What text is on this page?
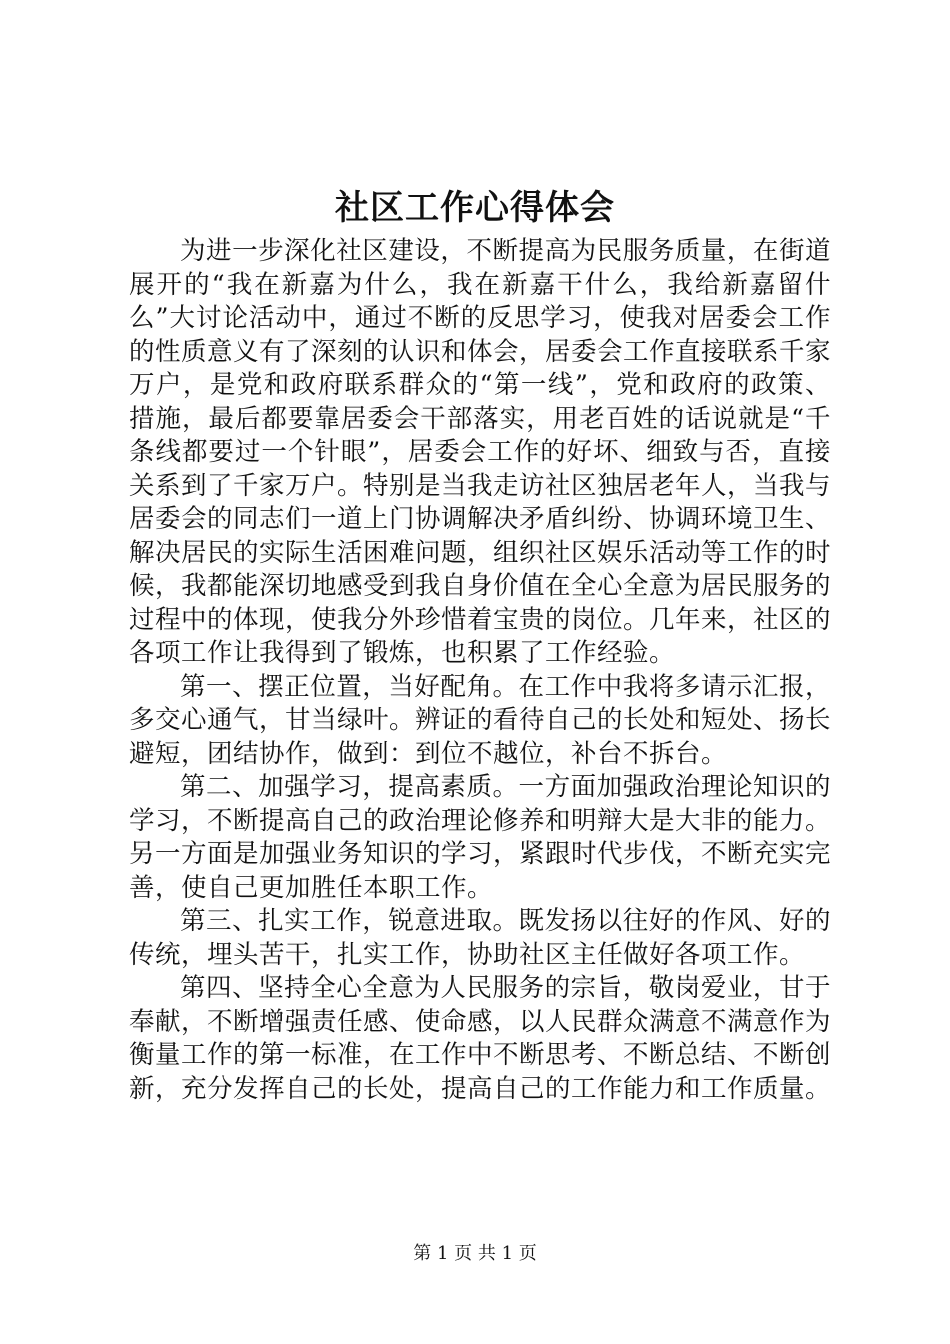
社区工作心得体会

为进一步深化社区建设，不断提高为民服务质量，在街道展开的“我在新嘉为什么，我在新嘉干什么，我给新嘉留什么”大讨论活动中，通过不断的反思学习，使我对居委会工作的性质意义有了深刻的认识和体会，居委会工作直接联系千家万户，是党和政府联系群众的“第一线”，党和政府的政策、措施，最后都要靠居委会干部落实，用老百姓的话说就是“千条线都要过一个针眼”，居委会工作的好坏、细致与否，直接关系到了千家万户。特别是当我走访社区独居老年人，当我与居委会的同志们一道上门协调解决矛盾纠纷、协调环境卫生、解决居民的实际生活困难问题，组织社区娱乐活动等工作的时候，我都能深切地感受到我自身价值在全心全意为居民服务的过程中的体现，使我分外珍惜着宝贵的岗位。几年来，社区的各项工作让我得到了锻炼，也积累了工作经验。

第一、摆正位置，当好配角。在工作中我将多请示汇报，多交心通气，甘当绿叶。辨证的看待自己的长处和短处、扬长避短，团结协作，做到：到位不越位，补台不拆台。

第二、加强学习，提高素质。一方面加强政治理论知识的学习，不断提高自己的政治理论修养和明辩大是大非的能力。另一方面是加强业务知识的学习，紧跟时代步伐，不断充实完善，使自己更加胜任本职工作。

第三、扎实工作，锐意进取。既发扬以往好的作风、好的传统，埋头苦干，扎实工作，协助社区主任做好各项工作。

第四、坚持全心全意为人民服务的宗旨，敬岗爱业，甘于奉献，不断增强责任感、使命感，以人民群众满意不满意作为衡量工作的第一标准，在工作中不断思考、不断总结、不断创新，充分发挥自己的长处，提高自己的工作能力和工作质量。

第 1 页 共 1 页
